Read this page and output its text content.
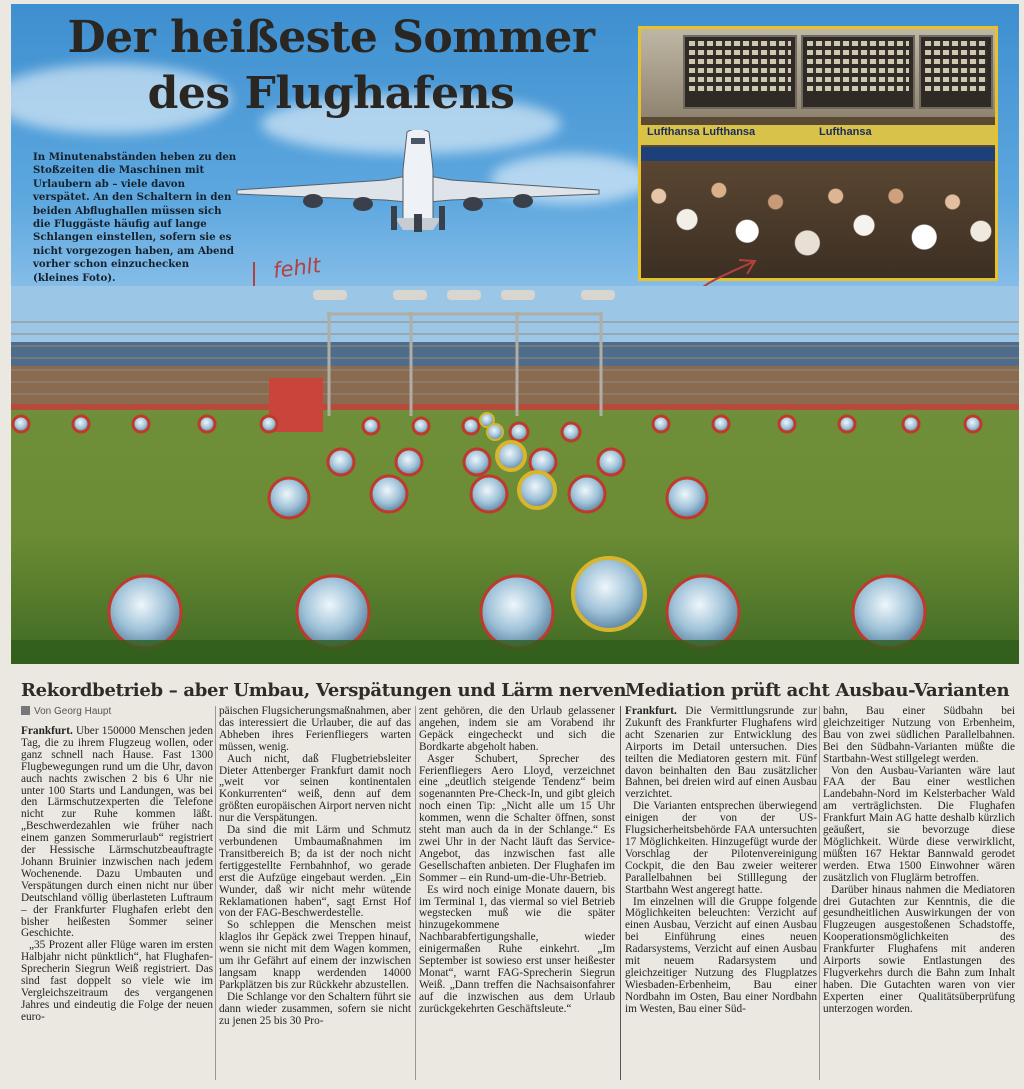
Der heißeste Sommer
des Flughafens

In Minutenabständen heben zu den Stoßzeiten die Maschinen mit Urlaubern ab – viele davon verspätet. An den Schaltern in den beiden Abflughallen müssen sich die Fluggäste häufig auf lange Schlangen einstellen, sofern sie es nicht vorgezogen haben, am Abend vorher schon einzuchecken (kleines Foto).	fehlt
Lufthansa Lufthansa	Lufthansa
Rekordbetrieb – aber Umbau, Verspätungen und Lärm nerven
Mediation prüft acht Ausbau-Varianten
Von Georg Haupt

Frankfurt. Über 150000 Menschen jeden Tag, die zu ihrem Flugzeug wollen, oder ganz schnell nach Hause. Fast 1300 Flugbewegungen rund um die Uhr, davon auch nachts zwischen 2 bis 6 Uhr nie unter 100 Starts und Landungen, was bei den Lärmschutzexperten die Telefone nicht zur Ruhe kommen läßt. „Beschwerdezahlen wie früher nach einem ganzen Sommerurlaub“ registriert der Hessische Lärmschutzbeauftragte Johann Bruinier inzwischen nach jedem Wochenende. Dazu Umbauten und Verspätungen durch einen nicht nur über Deutschland völlig überlasteten Luftraum – der Frankfurter Flughafen erlebt den bisher heißesten Sommer seiner Geschichte.

„35 Prozent aller Flüge waren im ersten Halbjahr nicht pünktlich“, hat Flughafen-Sprecherin Siegrun Weiß registriert. Das sind fast doppelt so viele wie im Vergleichszeitraum des vergangenen Jahres und eindeutig die Folge der neuen euro-

päischen Flugsicherungsmaßnahmen, aber das interessiert die Urlauber, die auf das Abheben ihres Ferienfliegers warten müssen, wenig.

Auch nicht, daß Flugbetriebsleiter Dieter Attenberger Frankfurt damit noch „weit vor seinen kontinentalen Konkurrenten“ weiß, denn auf dem größten europäischen Airport nerven nicht nur die Verspätungen.

Da sind die mit Lärm und Schmutz verbundenen Umbaumaßnahmen im Transitbereich B; da ist der noch nicht fertiggestellte Fernbahnhof, wo gerade erst die Aufzüge eingebaut werden. „Ein Wunder, daß wir nicht mehr wütende Reklamationen haben“, sagt Ernst Hof von der FAG-Beschwerdestelle.

So schleppen die Menschen meist klaglos ihr Gepäck zwei Treppen hinauf, wenn sie nicht mit dem Wagen kommen, um ihr Gefährt auf einem der inzwischen langsam knapp werdenden 14000 Parkplätzen bis zur Rückkehr abzustellen.

Die Schlange vor den Schaltern führt sie dann wieder zusammen, sofern sie nicht zu jenen 25 bis 30 Pro-

zent gehören, die den Urlaub gelassener angehen, indem sie am Vorabend ihr Gepäck eingecheckt und sich die Bordkarte abgeholt haben.

Asger Schubert, Sprecher des Ferienfliegers Aero Lloyd, verzeichnet eine „deutlich steigende Tendenz“ beim sogenannten Pre-Check-In, und gibt gleich noch einen Tip: „Nicht alle um 15 Uhr kommen, wenn die Schalter öffnen, sonst steht man auch da in der Schlange.“ Es zwei Uhr in der Nacht läuft das Service-Angebot, das inzwischen fast alle Gesellschaften anbieten. Der Flughafen im Sommer – ein Rund-um-die-Uhr-Betrieb.

Es wird noch einige Monate dauern, bis im Terminal 1, das viermal so viel Betrieb wegstecken muß wie die später hinzugekommene Nachbarabfertigungshalle, wieder einigermaßen Ruhe einkehrt. „Im September ist sowieso erst unser heißester Monat“, warnt FAG-Sprecherin Siegrun Weiß. „Dann treffen die Nachsaisonfahrer auf die inzwischen aus dem Urlaub zurückgekehrten Geschäftsleute.“

Frankfurt. Die Vermittlungsrunde zur Zukunft des Frankfurter Flughafens wird acht Szenarien zur Entwicklung des Airports im Detail untersuchen. Dies teilten die Mediatoren gestern mit. Fünf davon beinhalten den Bau zusätzlicher Bahnen, bei dreien wird auf einen Ausbau verzichtet.

Die Varianten entsprechen überwiegend einigen der von der US-Flugsicherheitsbehörde FAA untersuchten 17 Möglichkeiten. Hinzugefügt wurde der Vorschlag der Pilotenvereinigung Cockpit, die den Bau zweier weiterer Parallelbahnen bei Stilllegung der Startbahn West angeregt hatte.

Im einzelnen will die Gruppe folgende Möglichkeiten beleuchten: Verzicht auf einen Ausbau, Verzicht auf einen Ausbau bei Einführung eines neuen Radarsystems, Verzicht auf einen Ausbau mit neuem Radarsystem und gleichzeitiger Nutzung des Flugplatzes Wiesbaden-Erbenheim, Bau einer Nordbahn im Osten, Bau einer Nordbahn im Westen, Bau einer Süd-

bahn, Bau einer Südbahn bei gleichzeitiger Nutzung von Erbenheim, Bau von zwei südlichen Parallelbahnen. Bei den Südbahn-Varianten müßte die Startbahn-West stillgelegt werden.

Von den Ausbau-Varianten wäre laut FAA der Bau einer westlichen Landebahn-Nord im Kelsterbacher Wald am verträglichsten. Die Flughafen Frankfurt Main AG hatte deshalb kürzlich geäußert, sie bevorzuge diese Möglichkeit. Würde diese verwirklicht, müßten 167 Hektar Bannwald gerodet werden. Etwa 1500 Einwohner wären zusätzlich von Fluglärm betroffen.

Darüber hinaus nahmen die Mediatoren drei Gutachten zur Kenntnis, die die gesundheitlichen Auswirkungen der von Flugzeugen ausgestoßenen Schadstoffe, Kooperationsmöglichkeiten des Frankfurter Flughafens mit anderen Airports sowie Entlastungen des Flugverkehrs durch die Bahn zum Inhalt haben. Die Gutachten waren von vier Experten einer Qualitätsüberprüfung unterzogen worden.
